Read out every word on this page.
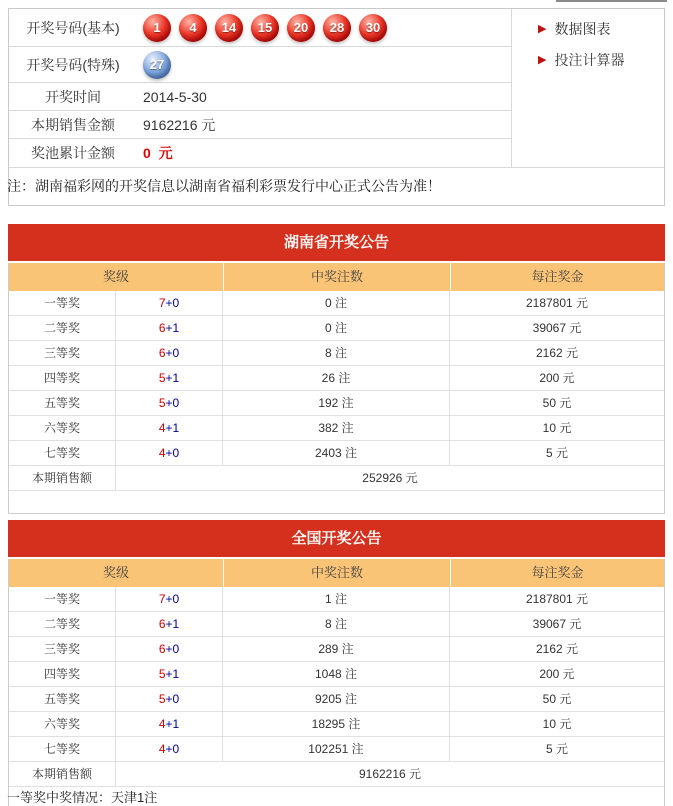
开奖号码(基本)	1	4	14	15	20	28	30
开奖号码(特殊)	27
开奖时间	2014-5-30
本期销售金额	9162216 元
奖池累计金额	0 元
▶ 数据图表
▶ 投注计算器
注：湖南福彩网的开奖信息以湖南省福利彩票发行中心正式公告为准！
湖南省开奖公告
奖级	中奖注数	每注奖金
一等奖	7+0	0 注	2187801 元
二等奖	6+1	0 注	39067 元
三等奖	6+0	8 注	2162 元
四等奖	5+1	26 注	200 元
五等奖	5+0	192 注	50 元
六等奖	4+1	382 注	10 元
七等奖	4+0	2403 注	5 元
本期销售额	252926 元
全国开奖公告
奖级	中奖注数	每注奖金
一等奖	7+0	1 注	2187801 元
二等奖	6+1	8 注	39067 元
三等奖	6+0	289 注	2162 元
四等奖	5+1	1048 注	200 元
五等奖	5+0	9205 注	50 元
六等奖	4+1	18295 注	10 元
七等奖	4+0	102251 注	5 元
本期销售额	9162216 元
一等奖中奖情况：天津1注
